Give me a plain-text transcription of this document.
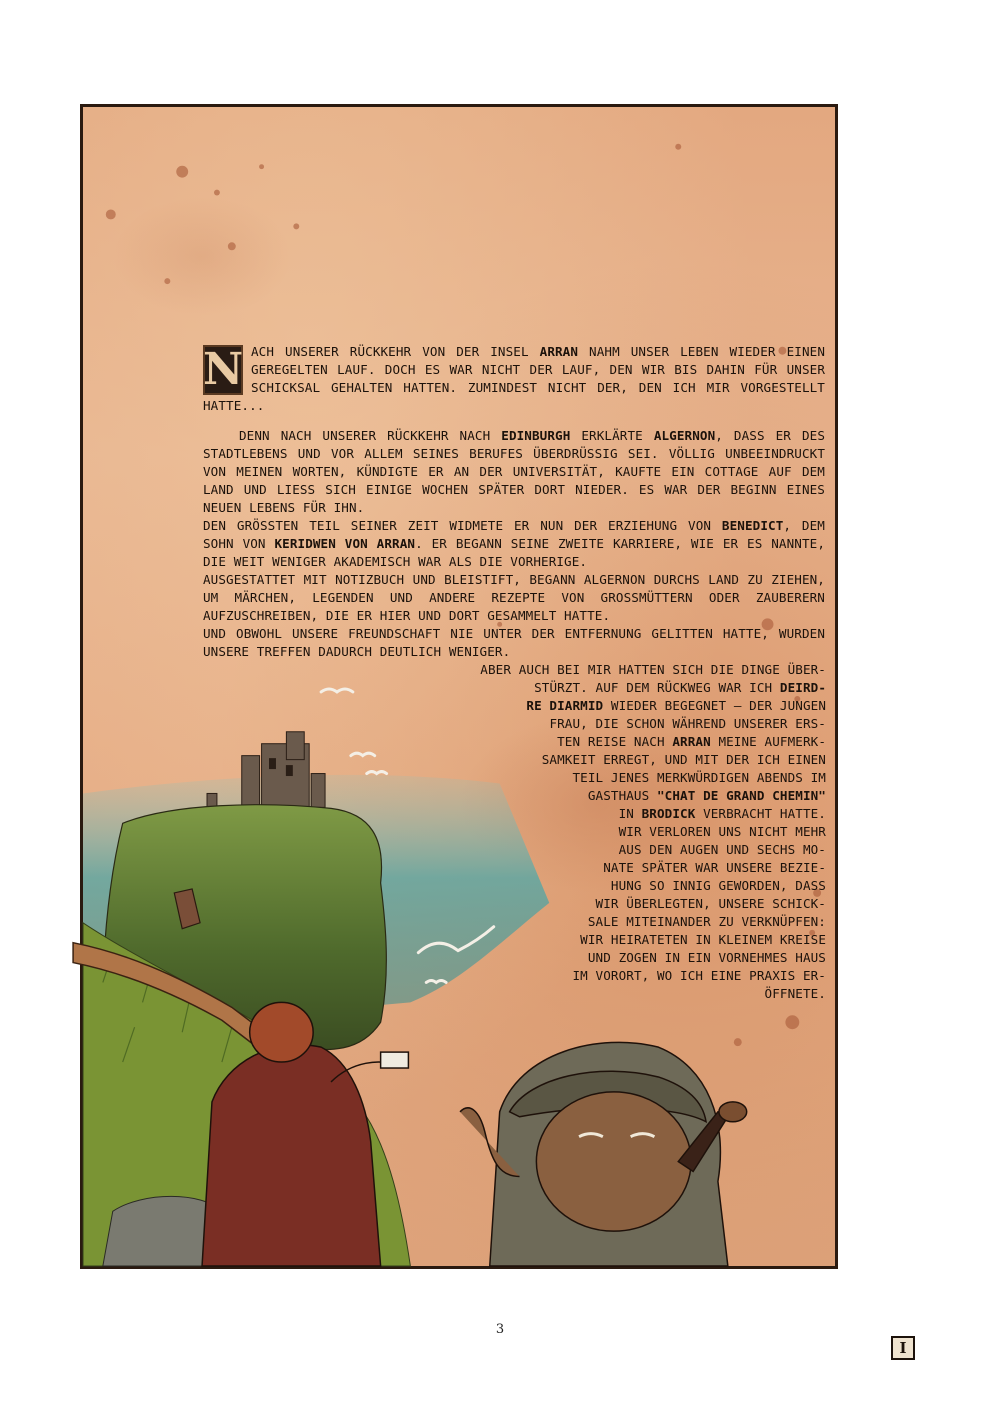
N ACH UNSERER RÜCKKEHR VON DER INSEL ARRAN NAHM UNSER LEBEN WIEDER EINEN GEREGELTEN LAUF. DOCH ES WAR NICHT DER LAUF, DEN WIR BIS DAHIN FÜR UNSER SCHICKSAL GEHALTEN HATTEN. ZUMINDEST NICHT DER, DEN ICH MIR VORGESTELLT HATTE...

DENN NACH UNSERER RÜCKKEHR NACH EDINBURGH ERKLÄRTE ALGERNON, DASS ER DES STADTLEBENS UND VOR ALLEM SEINES BERUFES ÜBERDRÜSSIG SEI. VÖLLIG UNBEEINDRUCKT VON MEINEN WORTEN, KÜNDIGTE ER AN DER UNIVERSITÄT, KAUFTE EIN COTTAGE AUF DEM LAND UND LIESS SICH EINIGE WOCHEN SPÄTER DORT NIEDER. ES WAR DER BEGINN EINES NEUEN LEBENS FÜR IHN.

DEN GRÖSSTEN TEIL SEINER ZEIT WIDMETE ER NUN DER ERZIEHUNG VON BENEDICT, DEM SOHN VON KERIDWEN VON ARRAN. ER BEGANN SEINE ZWEITE KARRIERE, WIE ER ES NANNTE, DIE WEIT WENIGER AKADEMISCH WAR ALS DIE VORHERIGE.

AUSGESTATTET MIT NOTIZBUCH UND BLEISTIFT, BEGANN ALGERNON DURCHS LAND ZU ZIEHEN, UM MÄRCHEN, LEGENDEN UND ANDERE REZEPTE VON GROSSMÜTTERN ODER ZAUBERERN AUFZUSCHREIBEN, DIE ER HIER UND DORT GESAMMELT HATTE.

UND OBWOHL UNSERE FREUNDSCHAFT NIE UNTER DER ENTFERNUNG GELITTEN HATTE, WURDEN UNSERE TREFFEN DADURCH DEUTLICH WENIGER.

ABER AUCH BEI MIR HATTEN SICH DIE DINGE ÜBER-
STÜRZT. AUF DEM RÜCKWEG WAR ICH DEIRD-
RE DIARMID WIEDER BEGEGNET – DER JUNGEN
FRAU, DIE SCHON WÄHREND UNSERER ERS-
TEN REISE NACH ARRAN MEINE AUFMERK-
SAMKEIT ERREGT, UND MIT DER ICH EINEN
TEIL JENES MERKWÜRDIGEN ABENDS IM
GASTHAUS "CHAT DE GRAND CHEMIN"
IN BRODICK VERBRACHT HATTE.
WIR VERLOREN UNS NICHT MEHR
AUS DEN AUGEN UND SECHS MO-
NATE SPÄTER WAR UNSERE BEZIE-
HUNG SO INNIG GEWORDEN, DASS
WIR ÜBERLEGTEN, UNSERE SCHICK-
SALE MITEINANDER ZU VERKNÜPFEN:
WIR HEIRATETEN IN KLEINEM KREISE
UND ZOGEN IN EIN VORNEHMES HAUS
IM VORORT, WO ICH EINE PRAXIS ER-
ÖFFNETE.
I
3
